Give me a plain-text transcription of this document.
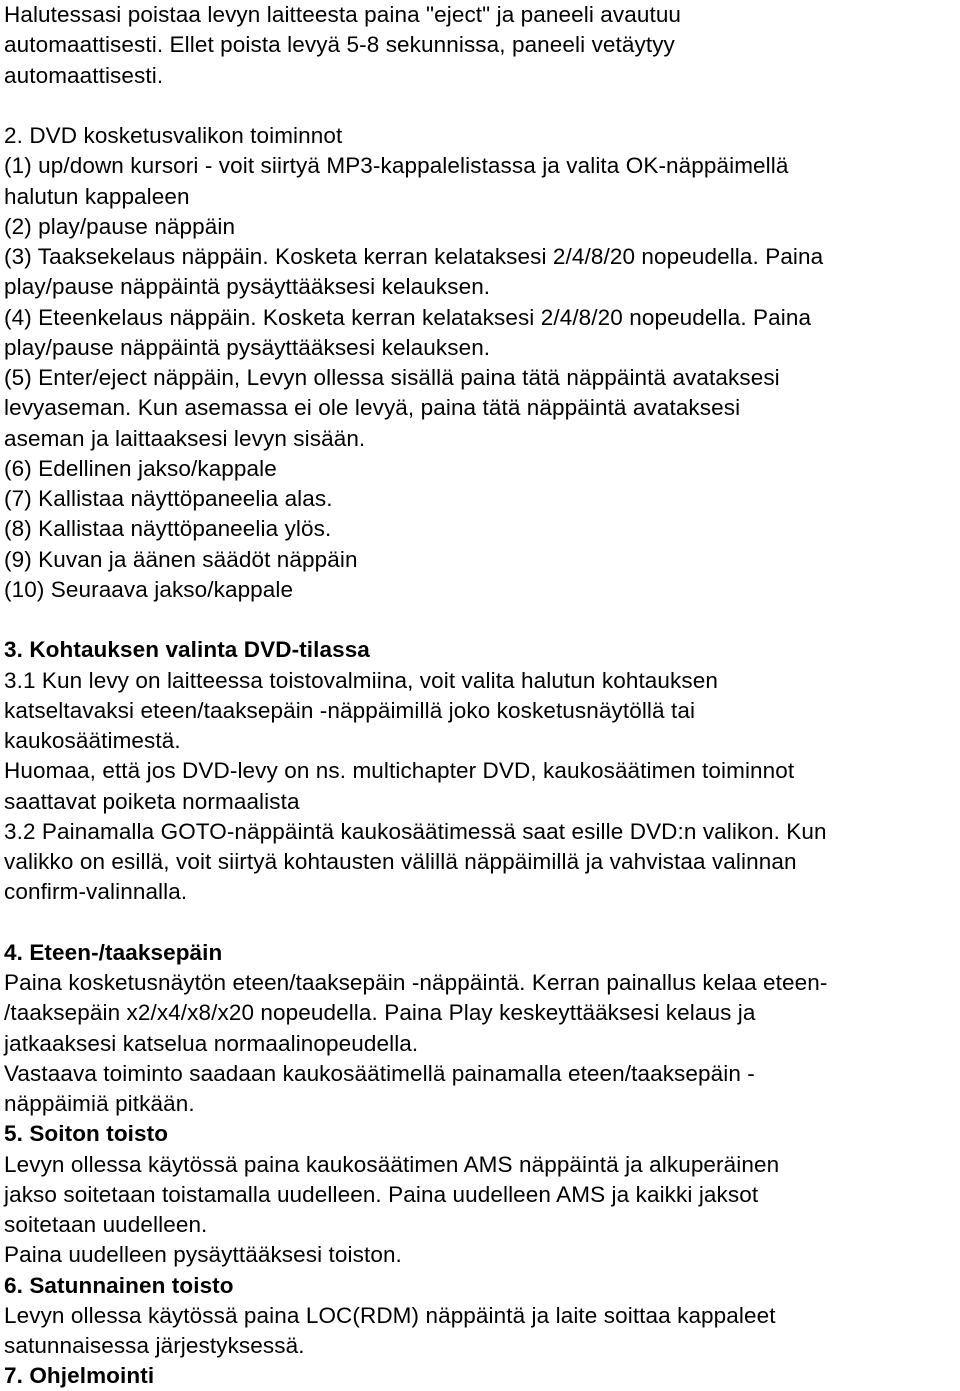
Halutessasi poistaa levyn laitteesta paina "eject" ja paneeli avautuu
automaattisesti. Ellet poista levyä 5-8 sekunnissa, paneeli vetäytyy
automaattisesti.
2. DVD kosketusvalikon toiminnot
(1) up/down kursori - voit siirtyä MP3-kappalelistassa ja valita OK-näppäimellä
halutun kappaleen
(2) play/pause näppäin
(3) Taaksekelaus näppäin. Kosketa kerran kelataksesi 2/4/8/20 nopeudella. Paina
play/pause näppäintä pysäyttääksesi kelauksen.
(4) Eteenkelaus näppäin. Kosketa kerran kelataksesi 2/4/8/20 nopeudella. Paina
play/pause näppäintä pysäyttääksesi kelauksen.
(5) Enter/eject näppäin, Levyn ollessa sisällä paina tätä näppäintä avataksesi
levyaseman. Kun asemassa ei ole levyä, paina tätä näppäintä avataksesi
aseman ja laittaaksesi levyn sisään.
(6) Edellinen jakso/kappale
(7) Kallistaa näyttöpaneelia alas.
(8) Kallistaa näyttöpaneelia ylös.
(9) Kuvan ja äänen säädöt näppäin
(10) Seuraava jakso/kappale
3. Kohtauksen valinta DVD-tilassa
3.1 Kun levy on laitteessa toistovalmiina, voit valita halutun kohtauksen
katseltavaksi eteen/taaksepäin -näppäimillä joko kosketusnäytöllä tai
kaukosäätimestä.
Huomaa, että jos DVD-levy on ns. multichapter DVD, kaukosäätimen toiminnot
saattavat poiketa normaalista
3.2 Painamalla GOTO-näppäintä kaukosäätimessä saat esille DVD:n valikon. Kun
valikko on esillä, voit siirtyä kohtausten välillä näppäimillä ja vahvistaa valinnan
confirm-valinnalla.
4. Eteen-/taaksepäin
Paina kosketusnäytön eteen/taaksepäin -näppäintä. Kerran painallus kelaa eteen-
/taaksepäin x2/x4/x8/x20 nopeudella. Paina Play keskeyttääksesi kelaus ja
jatkaaksesi katselua normaalinopeudella.
Vastaava toiminto saadaan kaukosäätimellä painamalla eteen/taaksepäin -
näppäimiä pitkään.
5. Soiton toisto
Levyn ollessa käytössä paina kaukosäätimen AMS näppäintä ja alkuperäinen
jakso soitetaan toistamalla uudelleen. Paina uudelleen AMS ja kaikki jaksot
soitetaan uudelleen.
Paina uudelleen pysäyttääksesi toiston.
6. Satunnainen toisto
Levyn ollessa käytössä paina LOC(RDM) näppäintä ja laite soittaa kappaleet
satunnaisessa järjestyksessä.
7. Ohjelmointi
